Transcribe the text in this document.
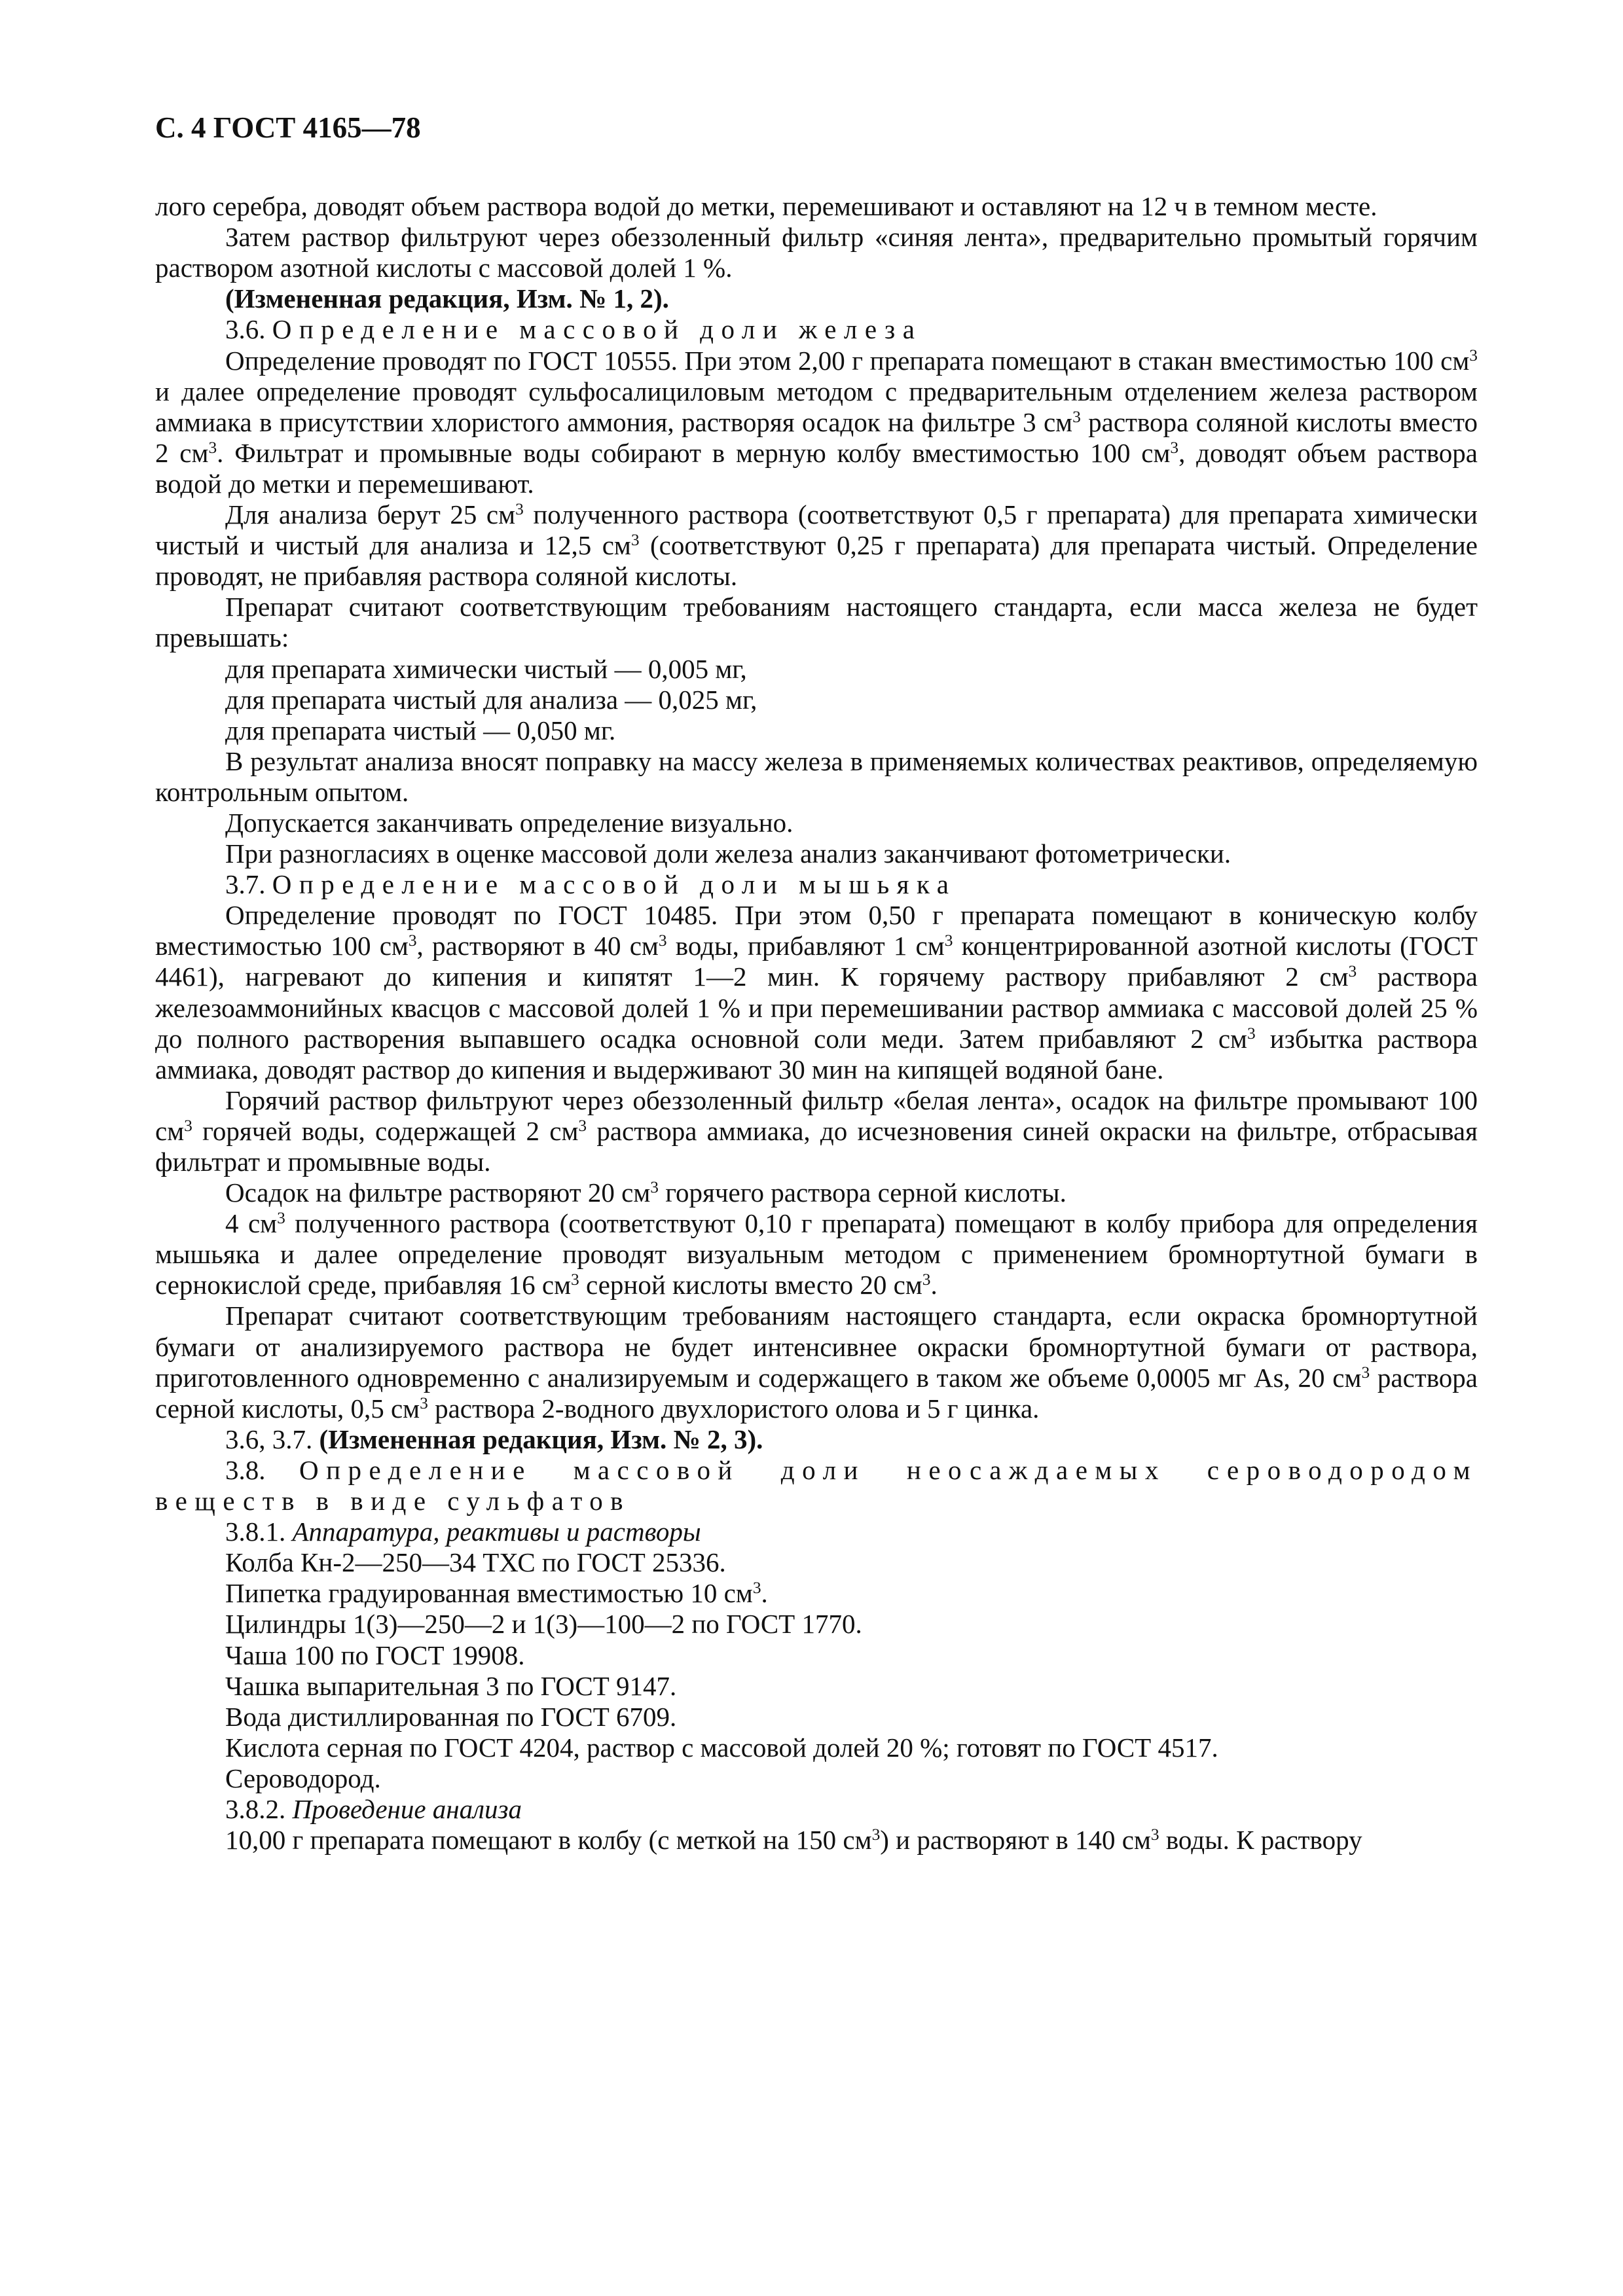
С. 4 ГОСТ 4165—78

лого серебра, доводят объем раствора водой до метки, перемешивают и оставляют на 12 ч в темном месте.

Затем раствор фильтруют через обеззоленный фильтр «синяя лента», предварительно промытый горячим раствором азотной кислоты с массовой долей 1 %.

(Измененная редакция, Изм. № 1, 2).

3.6. Определение массовой доли железа

Определение проводят по ГОСТ 10555. При этом 2,00 г препарата помещают в стакан вместимостью 100 $см^3$ и далее определение проводят сульфосалициловым методом с предварительным отделением железа раствором аммиака в присутствии хлористого аммония, растворяя осадок на фильтре 3 $см^3$ раствора соляной кислоты вместо 2 $см^3$. Фильтрат и промывные воды собирают в мерную колбу вместимостью 100 $см^3$, доводят объем раствора водой до метки и перемешивают.

Для анализа берут 25 $см^3$ полученного раствора (соответствуют 0,5 г препарата) для препарата химически чистый и чистый для анализа и 12,5 $см^3$ (соответствуют 0,25 г препарата) для препарата чистый. Определение проводят, не прибавляя раствора соляной кислоты.

Препарат считают соответствующим требованиям настоящего стандарта, если масса железа не будет превышать:

для препарата химически чистый — 0,005 мг,

для препарата чистый для анализа — 0,025 мг,

для препарата чистый — 0,050 мг.

В результат анализа вносят поправку на массу железа в применяемых количествах реактивов, определяемую контрольным опытом.

Допускается заканчивать определение визуально.

При разногласиях в оценке массовой доли железа анализ заканчивают фотометрически.

3.7. Определение массовой доли мышьяка

Определение проводят по ГОСТ 10485. При этом 0,50 г препарата помещают в коническую колбу вместимостью 100 $см^3$, растворяют в 40 $см^3$ воды, прибавляют 1 $см^3$ концентрированной азотной кислоты (ГОСТ 4461), нагревают до кипения и кипятят 1—2 мин. К горячему раствору прибавляют 2 $см^3$ раствора железоаммонийных квасцов с массовой долей 1 % и при перемешивании раствор аммиака с массовой долей 25 % до полного растворения выпавшего осадка основной соли меди. Затем прибавляют 2 $см^3$ избытка раствора аммиака, доводят раствор до кипения и выдерживают 30 мин на кипящей водяной бане.

Горячий раствор фильтруют через обеззоленный фильтр «белая лента», осадок на фильтре промывают 100 $см^3$ горячей воды, содержащей 2 $см^3$ раствора аммиака, до исчезновения синей окраски на фильтре, отбрасывая фильтрат и промывные воды.

Осадок на фильтре растворяют 20 $см^3$ горячего раствора серной кислоты.

4 $см^3$ полученного раствора (соответствуют 0,10 г препарата) помещают в колбу прибора для определения мышьяка и далее определение проводят визуальным методом с применением бромнортутной бумаги в сернокислой среде, прибавляя 16 $см^3$ серной кислоты вместо 20 $см^3$.

Препарат считают соответствующим требованиям настоящего стандарта, если окраска бромнортутной бумаги от анализируемого раствора не будет интенсивнее окраски бромнортутной бумаги от раствора, приготовленного одновременно с анализируемым и содержащего в таком же объеме 0,0005 мг As, 20 $см^3$ раствора серной кислоты, 0,5 $см^3$ раствора 2-водного двухлористого олова и 5 г цинка.

3.6, 3.7. (Измененная редакция, Изм. № 2, 3).

3.8. Определение массовой доли неосаждаемых сероводородом веществ в виде сульфатов

3.8.1. Аппаратура, реактивы и растворы

Колба Кн-2—250—34 ТХС по ГОСТ 25336.

Пипетка градуированная вместимостью 10 $см^3$.

Цилиндры 1(3)—250—2 и 1(3)—100—2 по ГОСТ 1770.

Чаша 100 по ГОСТ 19908.

Чашка выпарительная 3 по ГОСТ 9147.

Вода дистиллированная по ГОСТ 6709.

Кислота серная по ГОСТ 4204, раствор с массовой долей 20 %; готовят по ГОСТ 4517.

Сероводород.

3.8.2. Проведение анализа

10,00 г препарата помещают в колбу (с меткой на 150 $см^3$) и растворяют в 140 $см^3$ воды. К раствору
